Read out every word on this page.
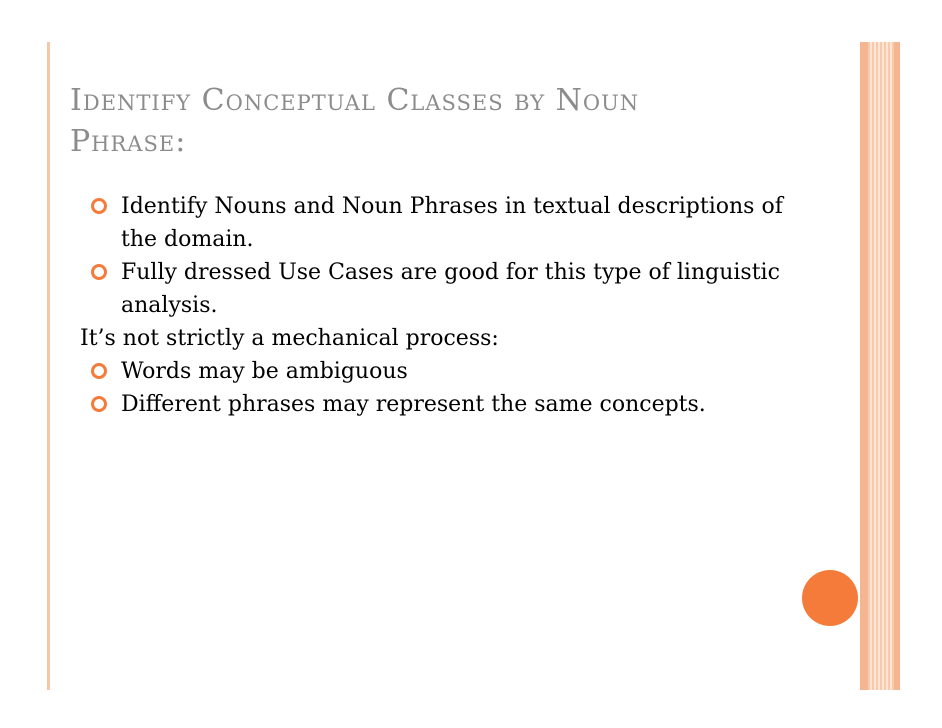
Identify Conceptual Classes by Noun
Phrase:
Identify Nouns and Noun Phrases in textual descriptions of the domain.
Fully dressed Use Cases are good for this type of linguistic analysis.
It’s not strictly a mechanical process:
Words may be ambiguous
Different phrases may represent the same concepts.
